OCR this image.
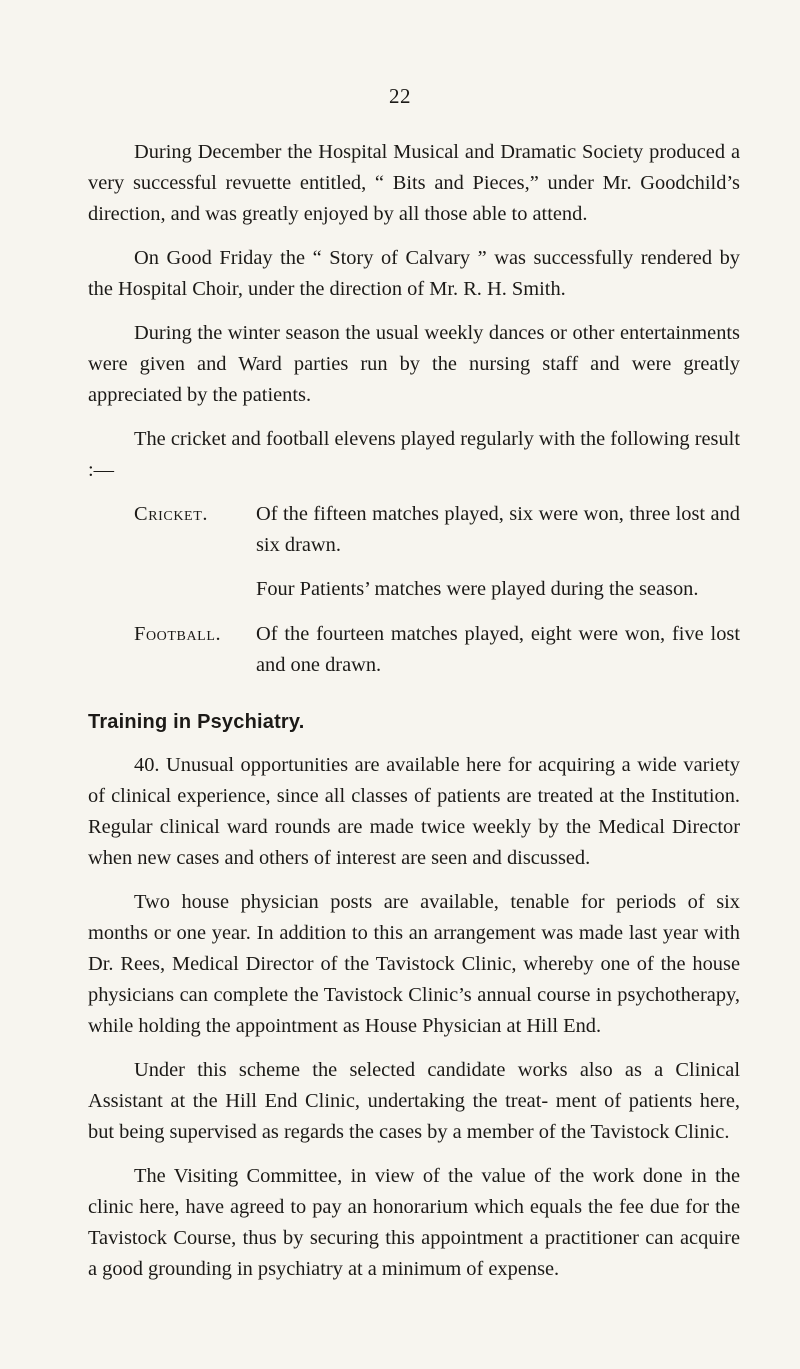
22

During December the Hospital Musical and Dramatic Society produced a very successful revuette entitled, “ Bits and Pieces,” under Mr. Goodchild’s direction, and was greatly enjoyed by all those able to attend.

On Good Friday the “ Story of Calvary ” was successfully rendered by the Hospital Choir, under the direction of Mr. R. H. Smith.

During the winter season the usual weekly dances or other entertainments were given and Ward parties run by the nursing staff and were greatly appreciated by the patients.

The cricket and football elevens played regularly with the following result :—

Cricket.	Of the fifteen matches played, six were won, three lost and six drawn.

Four Patients’ matches were played during the season.

Football.	Of the fourteen matches played, eight were won, five lost and one drawn.

Training in Psychiatry.

40. Unusual opportunities are available here for acquiring a wide variety of clinical experience, since all classes of patients are treated at the Institution. Regular clinical ward rounds are made twice weekly by the Medical Director when new cases and others of interest are seen and discussed.

Two house physician posts are available, tenable for periods of six months or one year. In addition to this an arrangement was made last year with Dr. Rees, Medical Director of the Tavistock Clinic, whereby one of the house physicians can complete the Tavistock Clinic’s annual course in psychotherapy, while holding the appointment as House Physician at Hill End.

Under this scheme the selected candidate works also as a Clinical Assistant at the Hill End Clinic, undertaking the treat- ment of patients here, but being supervised as regards the cases by a member of the Tavistock Clinic.

The Visiting Committee, in view of the value of the work done in the clinic here, have agreed to pay an honorarium which equals the fee due for the Tavistock Course, thus by securing this appointment a practitioner can acquire a good grounding in psychiatry at a minimum of expense.
